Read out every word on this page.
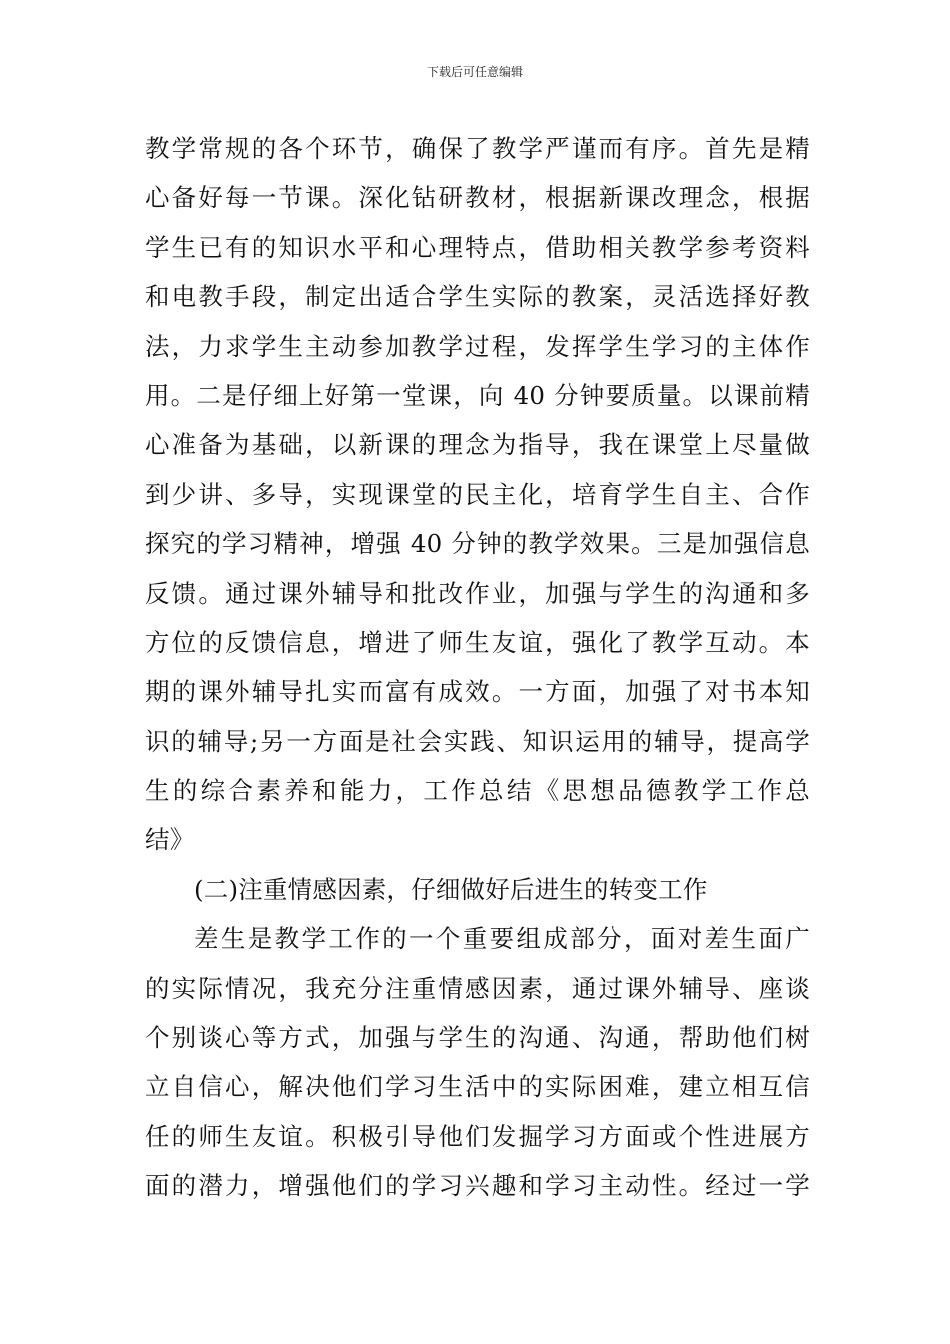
下载后可任意编辑
教学常规的各个环节，确保了教学严谨而有序。首先是精
心备好每一节课。深化钻研教材，根据新课改理念，根据
学生已有的知识水平和心理特点，借助相关教学参考资料
和电教手段，制定出适合学生实际的教案，灵活选择好教
法，力求学生主动参加教学过程，发挥学生学习的主体作
用。二是仔细上好第一堂课，向 40 分钟要质量。以课前精
心准备为基础，以新课的理念为指导，我在课堂上尽量做
到少讲、多导，实现课堂的民主化，培育学生自主、合作
探究的学习精神，增强 40 分钟的教学效果。三是加强信息
反馈。通过课外辅导和批改作业，加强与学生的沟通和多
方位的反馈信息，增进了师生友谊，强化了教学互动。本
期的课外辅导扎实而富有成效。一方面，加强了对书本知
识的辅导;另一方面是社会实践、知识运用的辅导，提高学
生的综合素养和能力，工作总结《思想品德教学工作总
结》
(二)注重情感因素，仔细做好后进生的转变工作
差生是教学工作的一个重要组成部分，面对差生面广
的实际情况，我充分注重情感因素，通过课外辅导、座谈
个别谈心等方式，加强与学生的沟通、沟通，帮助他们树
立自信心，解决他们学习生活中的实际困难，建立相互信
任的师生友谊。积极引导他们发掘学习方面或个性进展方
面的潜力，增强他们的学习兴趣和学习主动性。经过一学
